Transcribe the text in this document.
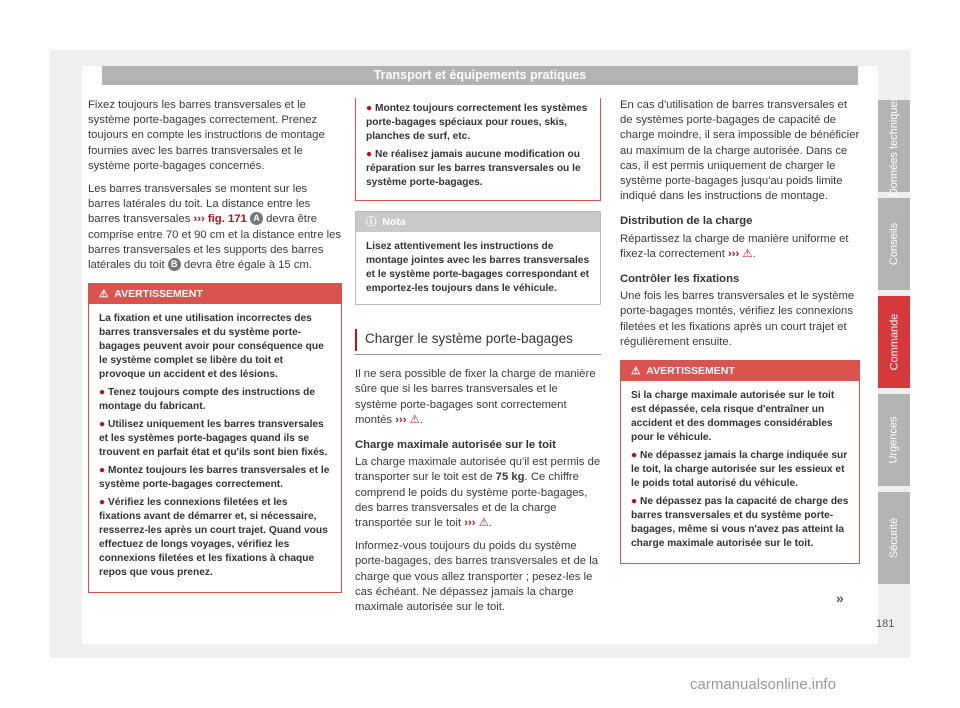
Transport et équipements pratiques

Fixez toujours les barres transversales et le système porte-bagages correctement. Prenez toujours en compte les instructions de montage fournies avec les barres transversales et le système porte-bagages concernés.

Les barres transversales se montent sur les barres latérales du toit. La distance entre les barres transversales ››› fig. 171 A devra être comprise entre 70 et 90 cm et la distance entre les barres transversales et les supports des barres latérales du toit B devra être égale à 15 cm.

⚠ AVERTISSEMENT

La fixation et une utilisation incorrectes des barres transversales et du système porte-bagages peuvent avoir pour conséquence que le système complet se libère du toit et provoque un accident et des lésions.

● Tenez toujours compte des instructions de montage du fabricant.

● Utilisez uniquement les barres transversales et les systèmes porte-bagages quand ils se trouvent en parfait état et qu'ils sont bien fixés.

● Montez toujours les barres transversales et le système porte-bagages correctement.

● Vérifiez les connexions filetées et les fixations avant de démarrer et, si nécessaire, resserrez-les après un court trajet. Quand vous effectuez de longs voyages, vérifiez les connexions filetées et les fixations à chaque repos que vous prenez.

● Montez toujours correctement les systèmes porte-bagages spéciaux pour roues, skis, planches de surf, etc.

● Ne réalisez jamais aucune modification ou réparation sur les barres transversales ou le système porte-bagages.

ⓘ Nota
Lisez attentivement les instructions de montage jointes avec les barres transversales et le système porte-bagages correspondant et emportez-les toujours dans le véhicule.
Charger le système porte-bagages

Il ne sera possible de fixer la charge de manière sûre que si les barres transversales et le système porte-bagages sont correctement montés ››› ⚠.

Charge maximale autorisée sur le toit

La charge maximale autorisée qu'il est permis de transporter sur le toit est de 75 kg. Ce chiffre comprend le poids du système porte-bagages, des barres transversales et de la charge transportée sur le toit ››› ⚠.

Informez-vous toujours du poids du système porte-bagages, des barres transversales et de la charge que vous allez transporter ; pesez-les le cas échéant. Ne dépassez jamais la charge maximale autorisée sur le toit.

En cas d'utilisation de barres transversales et de systèmes porte-bagages de capacité de charge moindre, il sera impossible de bénéficier au maximum de la charge autorisée. Dans ce cas, il est permis uniquement de charger le système porte-bagages jusqu'au poids limite indiqué dans les instructions de montage.

Distribution de la charge

Répartissez la charge de manière uniforme et fixez-la correctement ››› ⚠.

Contrôler les fixations

Une fois les barres transversales et le système porte-bagages montés, vérifiez les connexions filetées et les fixations après un court trajet et régulièrement ensuite.

⚠ AVERTISSEMENT

Si la charge maximale autorisée sur le toit est dépassée, cela risque d'entraîner un accident et des dommages considérables pour le véhicule.

● Ne dépassez jamais la charge indiquée sur le toit, la charge autorisée sur les essieux et le poids total autorisé du véhicule.

● Ne dépassez pas la capacité de charge des barres transversales et du système porte-bagages, même si vous n'avez pas atteint la charge maximale autorisée sur le toit.

»
Données techniques
Conseils
Commande
Urgences
Sécurité
181
carmanualsonline.info
